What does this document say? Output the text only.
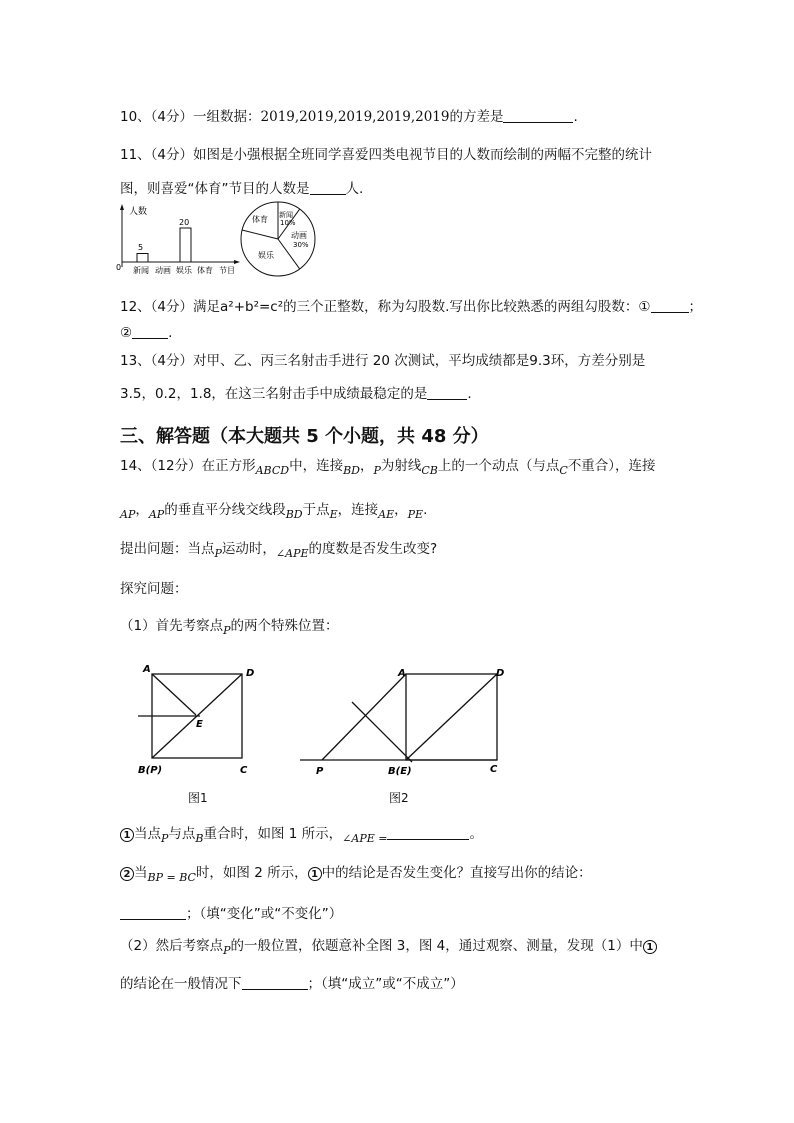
10、（4分）一组数据：2019,2019,2019,2019,2019的方差是	.
11、（4分）如图是小强根据全班同学喜爱四类电视节目的人数而绘制的两幅不完整的统计
图，则喜爱“体育”节目的人数是	人.
人数
0
5
20
新闻 动画 娱乐 体育 节目
体育 新闻
10%
动画
30%
娱乐
12、（4分）满足a²+b²=c²的三个正整数，称为勾股数.写出你比较熟悉的两组勾股数：①	；
②	.
13、（4分）对甲、乙、丙三名射击手进行 20 次测试，平均成绩都是9.3环，方差分别是
3.5，0.2，1.8，在这三名射击手中成绩最稳定的是	.
三、解答题（本大题共 5 个小题，共 48 分）
14、（12分）在正方形$_{ABCD}$中，连接$_{BD}$，$_P$为射线$_{CB}$上的一个动点（与点$_C$不重合），连接
$_{AP}$，$_{AP}$的垂直平分线交线段$_{BD}$于点$_E$，连接$_{AE}$，$_{PE}$.
提出问题：当点$_P$运动时，$_{\angle APE}$的度数是否发生改变?
探究问题：
（1）首先考察点$_P$的两个特殊位置：
A	D
E
B(P)	C
图1
A	D
P	B(E)	C
图2
1 当点$_P$与点$_B$重合时，如图 1 所示，$_{\angle APE =}$	。
2 当$_{BP = BC}$时，如图 2 所示， 1 中的结论是否发生变化？直接写出你的结论：
；（填“变化”或“不变化”）
（2）然后考察点$_P$的一般位置，依题意补全图 3，图 4，通过观察、测量，发现（1）中 1
的结论在一般情况下	；（填“成立”或“不成立”）
